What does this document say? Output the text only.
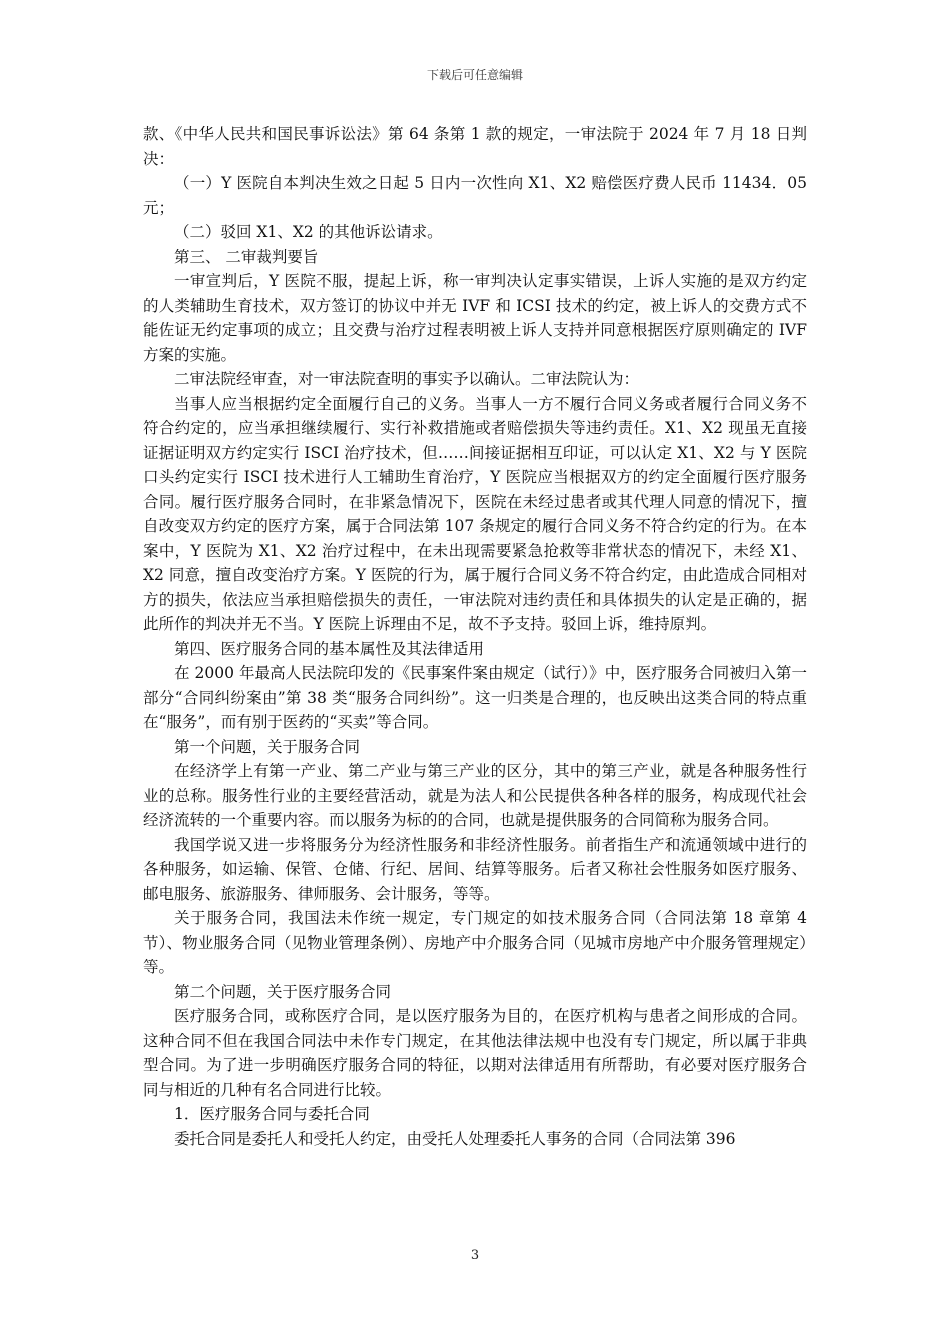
下载后可任意编辑

款、《中华人民共和国民事诉讼法》第 64 条第 1 款的规定，一审法院于 2024 年 7 月 18 日判决：

（一）Y 医院自本判决生效之日起 5 日内一次性向 X1、X2 赔偿医疗费人民币 11434．05 元；

（二）驳回 X1、X2 的其他诉讼请求。

第三、 二审裁判要旨

一审宣判后，Y 医院不服，提起上诉，称一审判决认定事实错误，上诉人实施的是双方约定的人类辅助生育技术，双方签订的协议中并无 IVF 和 ICSI 技术的约定，被上诉人的交费方式不能佐证无约定事项的成立；且交费与治疗过程表明被上诉人支持并同意根据医疗原则确定的 IVF 方案的实施。

二审法院经审查，对一审法院查明的事实予以确认。二审法院认为：

当事人应当根据约定全面履行自己的义务。当事人一方不履行合同义务或者履行合同义务不符合约定的，应当承担继续履行、实行补救措施或者赔偿损失等违约责任。X1、X2 现虽无直接证据证明双方约定实行 ISCI 治疗技术，但……间接证据相互印证，可以认定 X1、X2 与 Y 医院口头约定实行 ISCI 技术进行人工辅助生育治疗，Y 医院应当根据双方的约定全面履行医疗服务合同。履行医疗服务合同时，在非紧急情况下，医院在未经过患者或其代理人同意的情况下，擅自改变双方约定的医疗方案，属于合同法第 107 条规定的履行合同义务不符合约定的行为。在本案中，Y 医院为 X1、X2 治疗过程中，在未出现需要紧急抢救等非常状态的情况下，未经 X1、X2 同意，擅自改变治疗方案。Y 医院的行为，属于履行合同义务不符合约定，由此造成合同相对方的损失，依法应当承担赔偿损失的责任，一审法院对违约责任和具体损失的认定是正确的，据此所作的判决并无不当。Y 医院上诉理由不足，故不予支持。驳回上诉，维持原判。

第四、医疗服务合同的基本属性及其法律适用

在 2000 年最高人民法院印发的《民事案件案由规定（试行）》中，医疗服务合同被归入第一部分“合同纠纷案由”第 38 类“服务合同纠纷”。这一归类是合理的，也反映出这类合同的特点重在“服务”，而有别于医药的“买卖”等合同。

第一个问题，关于服务合同

在经济学上有第一产业、第二产业与第三产业的区分，其中的第三产业，就是各种服务性行业的总称。服务性行业的主要经营活动，就是为法人和公民提供各种各样的服务，构成现代社会经济流转的一个重要内容。而以服务为标的的合同，也就是提供服务的合同简称为服务合同。

我国学说又进一步将服务分为经济性服务和非经济性服务。前者指生产和流通领域中进行的各种服务，如运输、保管、仓储、行纪、居间、结算等服务。后者又称社会性服务如医疗服务、邮电服务、旅游服务、律师服务、会计服务，等等。

关于服务合同，我国法未作统一规定，专门规定的如技术服务合同（合同法第 18 章第 4 节）、物业服务合同（见物业管理条例）、房地产中介服务合同（见城市房地产中介服务管理规定）等。

第二个问题，关于医疗服务合同

医疗服务合同，或称医疗合同，是以医疗服务为目的，在医疗机构与患者之间形成的合同。这种合同不但在我国合同法中未作专门规定，在其他法律法规中也没有专门规定，所以属于非典型合同。为了进一步明确医疗服务合同的特征，以期对法律适用有所帮助，有必要对医疗服务合同与相近的几种有名合同进行比较。

1．医疗服务合同与委托合同

委托合同是委托人和受托人约定，由受托人处理委托人事务的合同（合同法第 396

3
